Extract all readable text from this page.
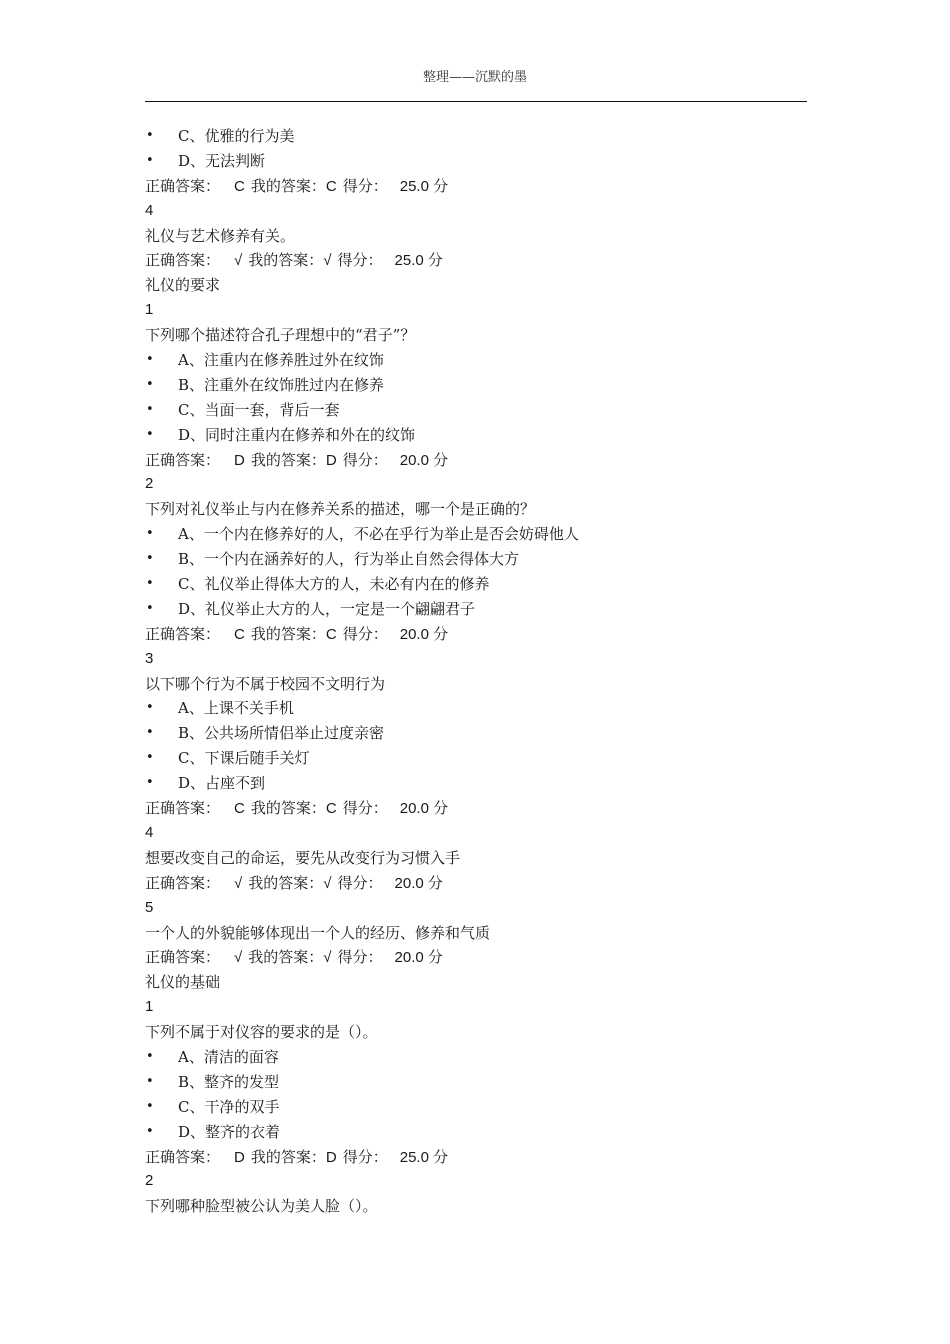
整理——沉默的墨
• C、优雅的行为美
• D、无法判断
正确答案： C 我的答案：C 得分： 25.0 分
4
礼仪与艺术修养有关。
正确答案： √ 我的答案：√ 得分： 25.0 分
礼仪的要求
1
下列哪个描述符合孔子理想中的“君子”？
• A、注重内在修养胜过外在纹饰
• B、注重外在纹饰胜过内在修养
• C、当面一套，背后一套
• D、同时注重内在修养和外在的纹饰
正确答案： D 我的答案：D 得分： 20.0 分
2
下列对礼仪举止与内在修养关系的描述，哪一个是正确的？
• A、一个内在修养好的人，不必在乎行为举止是否会妨碍他人
• B、一个内在涵养好的人，行为举止自然会得体大方
• C、礼仪举止得体大方的人，未必有内在的修养
• D、礼仪举止大方的人，一定是一个翩翩君子
正确答案： C 我的答案：C 得分： 20.0 分
3
以下哪个行为不属于校园不文明行为
• A、上课不关手机
• B、公共场所情侣举止过度亲密
• C、下课后随手关灯
• D、占座不到
正确答案： C 我的答案：C 得分： 20.0 分
4
想要改变自己的命运，要先从改变行为习惯入手
正确答案： √ 我的答案：√ 得分： 20.0 分
5
一个人的外貌能够体现出一个人的经历、修养和气质
正确答案： √ 我的答案：√ 得分： 20.0 分
礼仪的基础
1
下列不属于对仪容的要求的是（）。
• A、清洁的面容
• B、整齐的发型
• C、干净的双手
• D、整齐的衣着
正确答案： D 我的答案：D 得分： 25.0 分
2
下列哪种脸型被公认为美人脸（）。
